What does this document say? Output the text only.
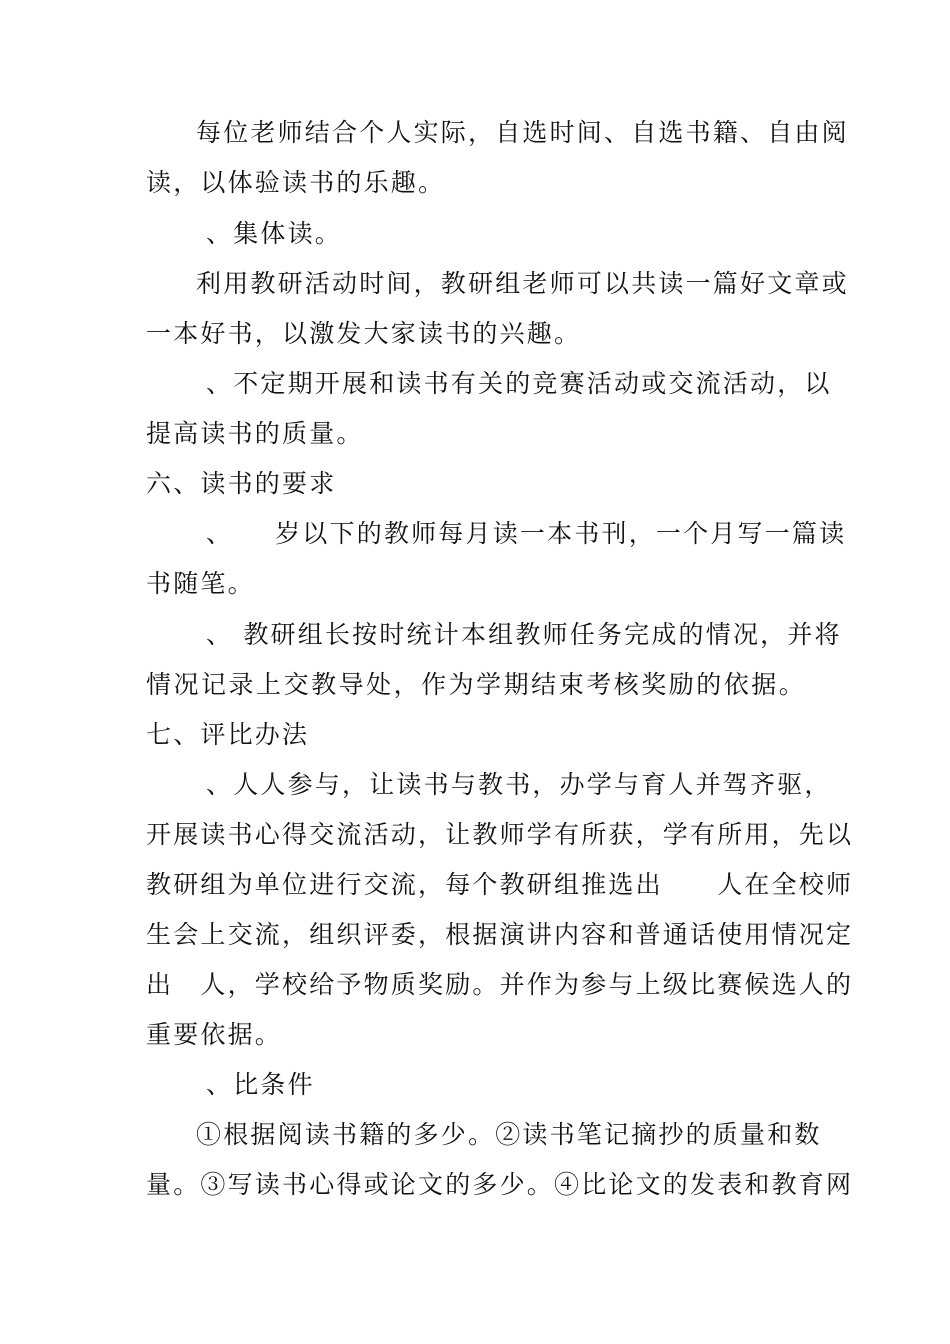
每位老师结合个人实际，自选时间、自选书籍、自由阅
读，以体验读书的乐趣。
、集体读。
利用教研活动时间，教研组老师可以共读一篇好文章或
一本好书，以激发大家读书的兴趣。
、不定期开展和读书有关的竞赛活动或交流活动，以
提高读书的质量。
六、读书的要求
、　　岁以下的教师每月读一本书刊，一个月写一篇读
书随笔。
、 教研组长按时统计本组教师任务完成的情况，并将
情况记录上交教导处，作为学期结束考核奖励的依据。
七、评比办法
、人人参与，让读书与教书，办学与育人并驾齐驱，
开展读书心得交流活动，让教师学有所获，学有所用，先以
教研组为单位进行交流，每个教研组推选出　　人在全校师
生会上交流，组织评委，根据演讲内容和普通话使用情况定
出　人，学校给予物质奖励。并作为参与上级比赛候选人的
重要依据。
、比条件
①根据阅读书籍的多少。②读书笔记摘抄的质量和数
量。③写读书心得或论文的多少。④比论文的发表和教育网
